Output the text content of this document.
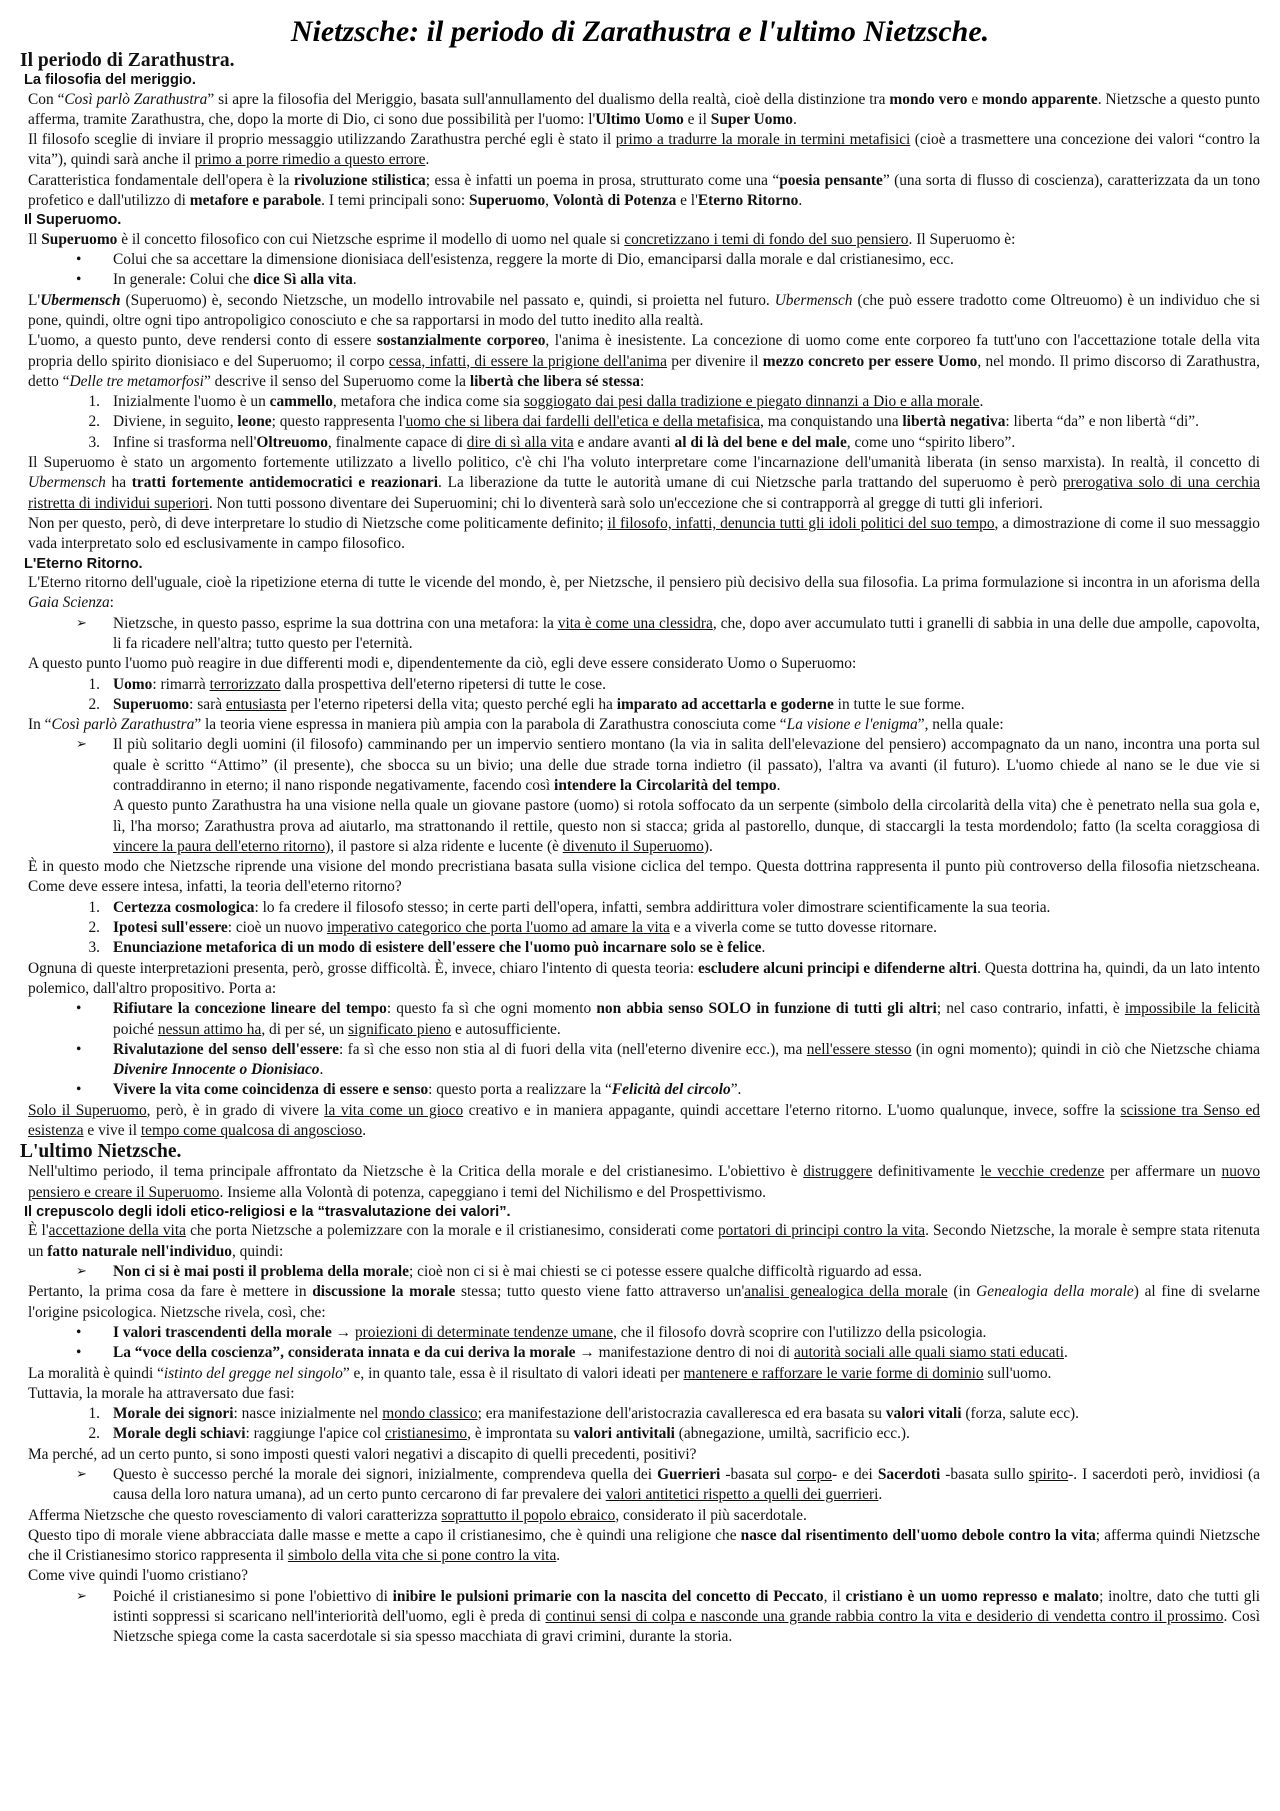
Nietzsche: il periodo di Zarathustra e l'ultimo Nietzsche.
Il periodo di Zarathustra.
La filosofia del meriggio.

Con “Così parlò Zarathustra” si apre la filosofia del Meriggio, basata sull'annullamento del dualismo della realtà, cioè della distinzione tra mondo vero e mondo apparente. Nietzsche a questo punto afferma, tramite Zarathustra, che, dopo la morte di Dio, ci sono due possibilità per l'uomo: l'Ultimo Uomo e il Super Uomo.

Il filosofo sceglie di inviare il proprio messaggio utilizzando Zarathustra perché egli è stato il primo a tradurre la morale in termini metafisici (cioè a trasmettere una concezione dei valori “contro la vita”), quindi sarà anche il primo a porre rimedio a questo errore.

Caratteristica fondamentale dell'opera è la rivoluzione stilistica; essa è infatti un poema in prosa, strutturato come una “poesia pensante” (una sorta di flusso di coscienza), caratterizzata da un tono profetico e dall'utilizzo di metafore e parabole. I temi principali sono: Superuomo, Volontà di Potenza e l'Eterno Ritorno.

Il Superuomo.

Il Superuomo è il concetto filosofico con cui Nietzsche esprime il modello di uomo nel quale si concretizzano i temi di fondo del suo pensiero. Il Superuomo è:

•	Colui che sa accettare la dimensione dionisiaca dell'esistenza, reggere la morte di Dio, emanciparsi dalla morale e dal cristianesimo, ecc.
•	In generale: Colui che dice Sì alla vita.

L'Ubermensch (Superuomo) è, secondo Nietzsche, un modello introvabile nel passato e, quindi, si proietta nel futuro. Ubermensch (che può essere tradotto come Oltreuomo) è un individuo che si pone, quindi, oltre ogni tipo antropoligico conosciuto e che sa rapportarsi in modo del tutto inedito alla realtà.

L'uomo, a questo punto, deve rendersi conto di essere sostanzialmente corporeo, l'anima è inesistente. La concezione di uomo come ente corporeo fa tutt'uno con l'accettazione totale della vita propria dello spirito dionisiaco e del Superuomo; il corpo cessa, infatti, di essere la prigione dell'anima per divenire il mezzo concreto per essere Uomo, nel mondo. Il primo discorso di Zarathustra, detto “Delle tre metamorfosi” descrive il senso del Superuomo come la libertà che libera sé stessa:

1. Inizialmente l'uomo è un cammello, metafora che indica come sia soggiogato dai pesi dalla tradizione e piegato dinnanzi a Dio e alla morale.
2. Diviene, in seguito, leone; questo rappresenta l'uomo che si libera dai fardelli dell'etica e della metafisica, ma conquistando una libertà negativa: liberta “da” e non libertà “di”.
3. Infine si trasforma nell'Oltreuomo, finalmente capace di dire di sì alla vita e andare avanti al di là del bene e del male, come uno “spirito libero”.

Il Superuomo è stato un argomento fortemente utilizzato a livello politico, c'è chi l'ha voluto interpretare come l'incarnazione dell'umanità liberata (in senso marxista). In realtà, il concetto di Ubermensch ha tratti fortemente antidemocratici e reazionari. La liberazione da tutte le autorità umane di cui Nietzsche parla trattando del superuomo è però prerogativa solo di una cerchia ristretta di individui superiori. Non tutti possono diventare dei Superuomini; chi lo diventerà sarà solo un'eccezione che si contrapporrà al gregge di tutti gli inferiori.

Non per questo, però, di deve interpretare lo studio di Nietzsche come politicamente definito; il filosofo, infatti, denuncia tutti gli idoli politici del suo tempo, a dimostrazione di come il suo messaggio vada interpretato solo ed esclusivamente in campo filosofico.

L'Eterno Ritorno.

L'Eterno ritorno dell'uguale, cioè la ripetizione eterna di tutte le vicende del mondo, è, per Nietzsche, il pensiero più decisivo della sua filosofia. La prima formulazione si incontra in un aforisma della Gaia Scienza:

➢	Nietzsche, in questo passo, esprime la sua dottrina con una metafora: la vita è come una clessidra, che, dopo aver accumulato tutti i granelli di sabbia in una delle due ampolle, capovolta, li fa ricadere nell'altra; tutto questo per l'eternità.

A questo punto l'uomo può reagire in due differenti modi e, dipendentemente da ciò, egli deve essere considerato Uomo o Superuomo:

1. Uomo: rimarrà terrorizzato dalla prospettiva dell'eterno ripetersi di tutte le cose.
2. Superuomo: sarà entusiasta per l'eterno ripetersi della vita; questo perché egli ha imparato ad accettarla e goderne in tutte le sue forme.

In “Così parlò Zarathustra” la teoria viene espressa in maniera più ampia con la parabola di Zarathustra conosciuta come “La visione e l'enigma”, nella quale:

➢	Il più solitario degli uomini (il filosofo) camminando per un impervio sentiero montano (la via in salita dell'elevazione del pensiero) accompagnato da un nano, incontra una porta sul quale è scritto “Attimo” (il presente), che sbocca su un bivio; una delle due strade torna indietro (il passato), l'altra va avanti (il futuro). L'uomo chiede al nano se le due vie si contraddiranno in eterno; il nano risponde negativamente, facendo così intendere la Circolarità del tempo.

A questo punto Zarathustra ha una visione nella quale un giovane pastore (uomo) si rotola soffocato da un serpente (simbolo della circolarità della vita) che è penetrato nella sua gola e, lì, l'ha morso; Zarathustra prova ad aiutarlo, ma strattonando il rettile, questo non si stacca; grida al pastorello, dunque, di staccargli la testa mordendolo; fatto (la scelta coraggiosa di vincere la paura dell'eterno ritorno), il pastore si alza ridente e lucente (è divenuto il Superuomo).

È in questo modo che Nietzsche riprende una visione del mondo precristiana basata sulla visione ciclica del tempo. Questa dottrina rappresenta il punto più controverso della filosofia nietzscheana. Come deve essere intesa, infatti, la teoria dell'eterno ritorno?

1. Certezza cosmologica: lo fa credere il filosofo stesso; in certe parti dell'opera, infatti, sembra addirittura voler dimostrare scientificamente la sua teoria.
2. Ipotesi sull'essere: cioè un nuovo imperativo categorico che porta l'uomo ad amare la vita e a viverla come se tutto dovesse ritornare.
3. Enunciazione metaforica di un modo di esistere dell'essere che l'uomo può incarnare solo se è felice.

Ognuna di queste interpretazioni presenta, però, grosse difficoltà. È, invece, chiaro l'intento di questa teoria: escludere alcuni principi e difenderne altri. Questa dottrina ha, quindi, da un lato intento polemico, dall'altro propositivo. Porta a:

•	Rifiutare la concezione lineare del tempo: questo fa sì che ogni momento non abbia senso SOLO in funzione di tutti gli altri; nel caso contrario, infatti, è impossibile la felicità poiché nessun attimo ha, di per sé, un significato pieno e autosufficiente.
•	Rivalutazione del senso dell'essere: fa sì che esso non stia al di fuori della vita (nell'eterno divenire ecc.), ma nell'essere stesso (in ogni momento); quindi in ciò che Nietzsche chiama Divenire Innocente o Dionisiaco.
•	Vivere la vita come coincidenza di essere e senso: questo porta a realizzare la “Felicità del circolo”.

Solo il Superuomo, però, è in grado di vivere la vita come un gioco creativo e in maniera appagante, quindi accettare l'eterno ritorno. L'uomo qualunque, invece, soffre la scissione tra Senso ed esistenza e vive il tempo come qualcosa di angoscioso.

L'ultimo Nietzsche.

Nell'ultimo periodo, il tema principale affrontato da Nietzsche è la Critica della morale e del cristianesimo. L'obiettivo è distruggere definitivamente le vecchie credenze per affermare un nuovo pensiero e creare il Superuomo. Insieme alla Volontà di potenza, capeggiano i temi del Nichilismo e del Prospettivismo.

Il crepuscolo degli idoli etico-religiosi e la “trasvalutazione dei valori”.

È l'accettazione della vita che porta Nietzsche a polemizzare con la morale e il cristianesimo, considerati come portatori di principi contro la vita. Secondo Nietzsche, la morale è sempre stata ritenuta un fatto naturale nell'individuo, quindi:

➢	Non ci si è mai posti il problema della morale; cioè non ci si è mai chiesti se ci potesse essere qualche difficoltà riguardo ad essa.

Pertanto, la prima cosa da fare è mettere in discussione la morale stessa; tutto questo viene fatto attraverso un'analisi genealogica della morale (in Genealogia della morale) al fine di svelarne l'origine psicologica. Nietzsche rivela, così, che:

•	I valori trascendenti della morale → proiezioni di determinate tendenze umane, che il filosofo dovrà scoprire con l'utilizzo della psicologia.
•	La “voce della coscienza”, considerata innata e da cui deriva la morale → manifestazione dentro di noi di autorità sociali alle quali siamo stati educati.

La moralità è quindi “istinto del gregge nel singolo” e, in quanto tale, essa è il risultato di valori ideati per mantenere e rafforzare le varie forme di dominio sull'uomo.

Tuttavia, la morale ha attraversato due fasi:

1. Morale dei signori: nasce inizialmente nel mondo classico; era manifestazione dell'aristocrazia cavalleresca ed era basata su valori vitali (forza, salute ecc).
2. Morale degli schiavi: raggiunge l'apice col cristianesimo, è improntata su valori antivitali (abnegazione, umiltà, sacrificio ecc.).

Ma perché, ad un certo punto, si sono imposti questi valori negativi a discapito di quelli precedenti, positivi?

➢	Questo è successo perché la morale dei signori, inizialmente, comprendeva quella dei Guerrieri -basata sul corpo- e dei Sacerdoti -basata sullo spirito-. I sacerdoti però, invidiosi (a causa della loro natura umana), ad un certo punto cercarono di far prevalere dei valori antitetici rispetto a quelli dei guerrieri.

Afferma Nietzsche che questo rovesciamento di valori caratterizza soprattutto il popolo ebraico, considerato il più sacerdotale.

Questo tipo di morale viene abbracciata dalle masse e mette a capo il cristianesimo, che è quindi una religione che nasce dal risentimento dell'uomo debole contro la vita; afferma quindi Nietzsche che il Cristianesimo storico rappresenta il simbolo della vita che si pone contro la vita.

Come vive quindi l'uomo cristiano?

➢	Poiché il cristianesimo si pone l'obiettivo di inibire le pulsioni primarie con la nascita del concetto di Peccato, il cristiano è un uomo represso e malato; inoltre, dato che tutti gli istinti soppressi si scaricano nell'interiorità dell'uomo, egli è preda di continui sensi di colpa e nasconde una grande rabbia contro la vita e desiderio di vendetta contro il prossimo. Così Nietzsche spiega come la casta sacerdotale si sia spesso macchiata di gravi crimini, durante la storia.
